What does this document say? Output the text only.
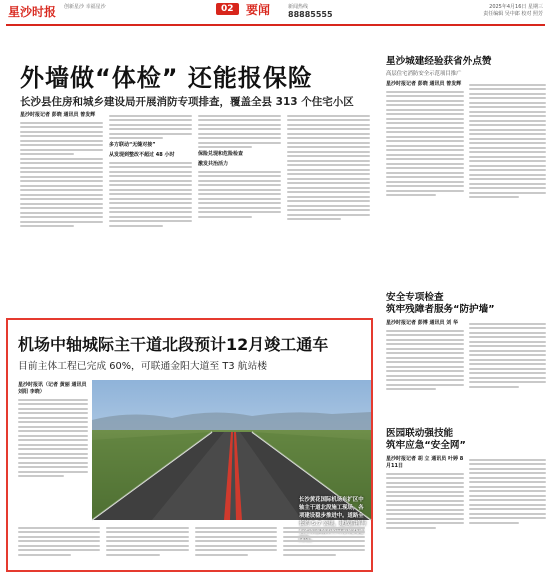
星沙时报 创新星沙 幸福星沙	02	要闻	新闻热线
88885555
2025年4月16日 星期三
责任编辑 吴中郎 校对 照芳
外墙做“体检” 还能报保险
长沙县住房和城乡建设局开展消防专项排查，覆盖全县 313 个住宅小区
星沙时报记者 彭晓 通讯员 曾发辉
多方联动“无缝对接”
从发现到整改不超过 48 小时	保险兑现和危险检查
激发共治活力
星沙城建经验获省外点赞
高层住宅消防安全示范项目推广
星沙时报记者 彭晓 通讯员 曾发辉
机场中轴城际主干道北段预计12月竣工通车
目前主体工程已完成 60%，可联通金阳大道至 T3 航站楼
星沙时报讯（记者 黄丽 通讯员 刘阳 李晓）
长沙黄花国际机场东扩区中轴主干道北段施工现场，各项建设稳步推进中。道路全长约 5.7 公里，建成后将与
黄晰 摄
安全专项检查
筑牢残障者服务“防护墙”
星沙时报记者 彭博 通讯员 刘 华
医园联动强技能
筑牢应急“安全网”
星沙时报记者 胡 立 通讯员 叶婷 8月11日
